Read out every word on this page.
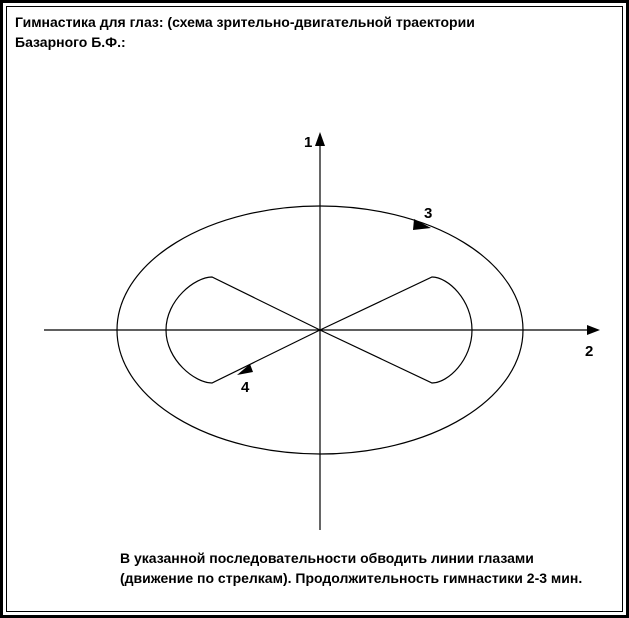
Гимнастика для глаз: (схема зрительно-двигательной траектории
Базарного Б.Ф.:
1
2
3
4
В указанной последовательности обводить линии глазами
(движение по стрелкам). Продолжительность гимнастики 2-3 мин.
